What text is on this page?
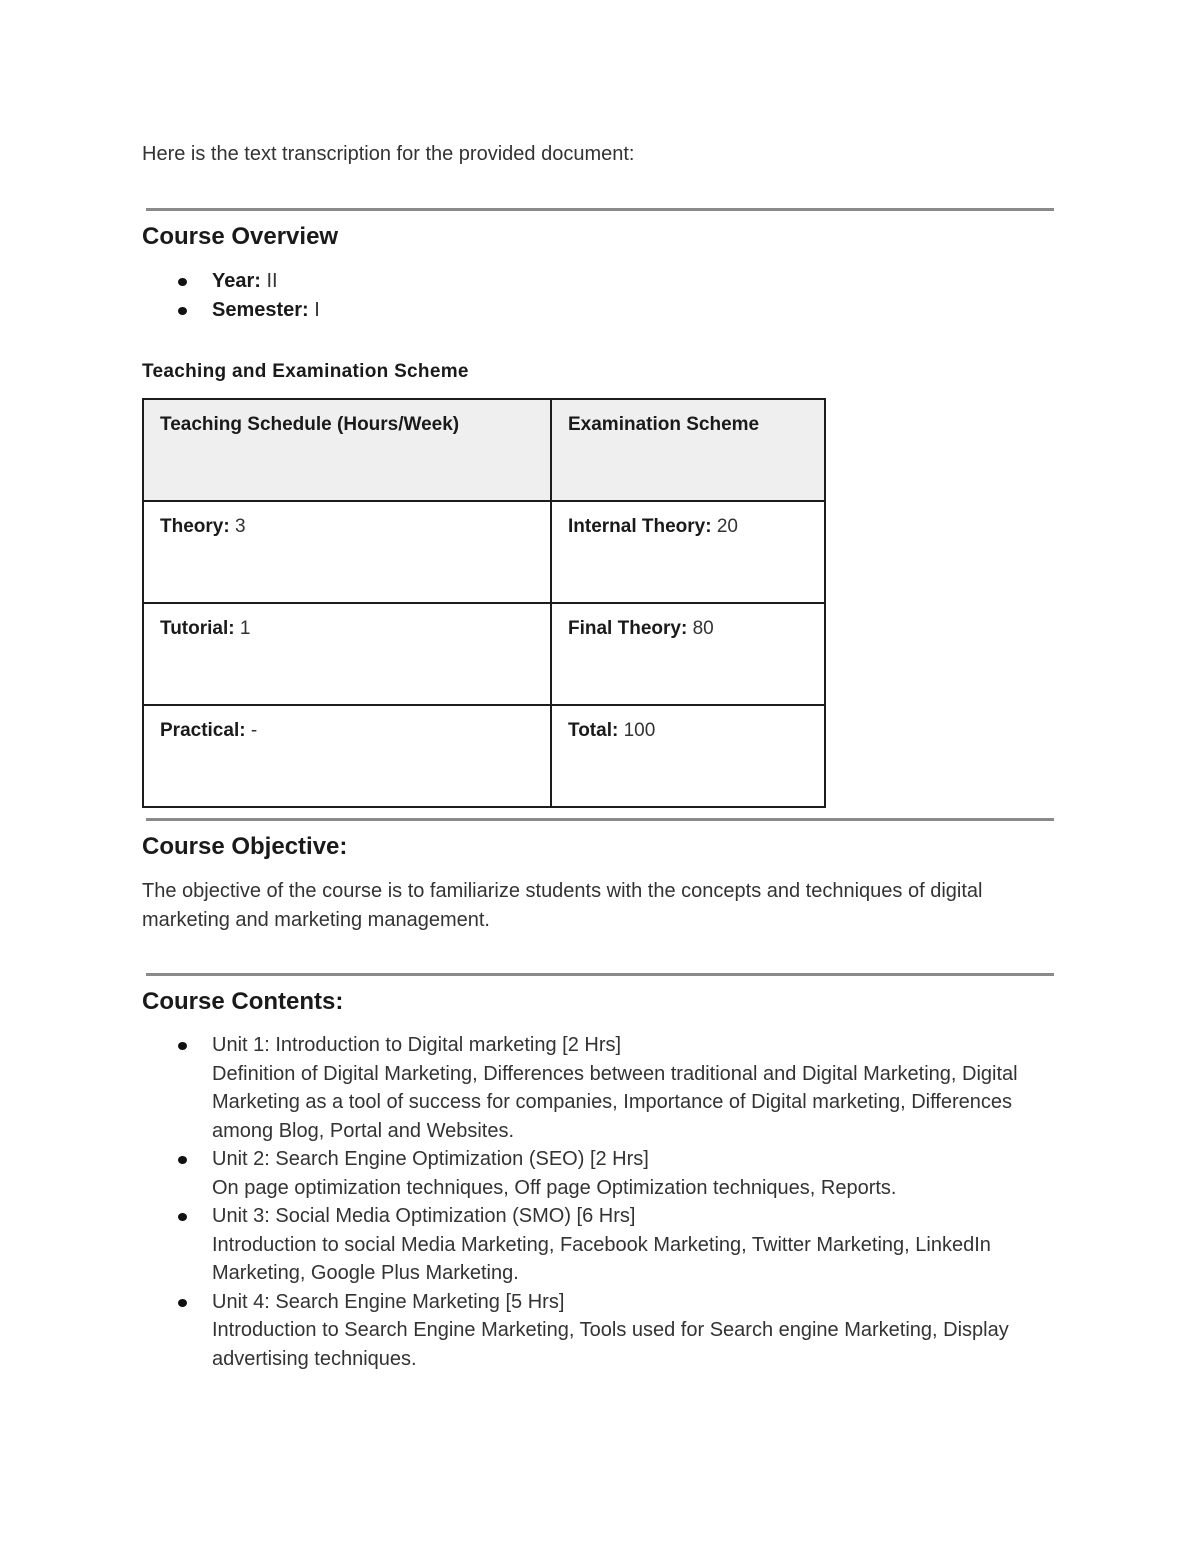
Here is the text transcription for the provided document:

Course Overview
Year: II
Semester: I
Teaching and Examination Scheme
Teaching Schedule (Hours/Week)	Examination Scheme
Theory: 3	Internal Theory: 20
Tutorial: 1	Final Theory: 80
Practical: -	Total: 100
Course Objective:

The objective of the course is to familiarize students with the concepts and techniques of digital marketing and marketing management.

Course Contents:
Unit 1: Introduction to Digital marketing [2 Hrs]
Definition of Digital Marketing, Differences between traditional and Digital Marketing, Digital Marketing as a tool of success for companies, Importance of Digital marketing, Differences among Blog, Portal and Websites.
Unit 2: Search Engine Optimization (SEO) [2 Hrs]
On page optimization techniques, Off page Optimization techniques, Reports.
Unit 3: Social Media Optimization (SMO) [6 Hrs]
Introduction to social Media Marketing, Facebook Marketing, Twitter Marketing, LinkedIn Marketing, Google Plus Marketing.
Unit 4: Search Engine Marketing [5 Hrs]
Introduction to Search Engine Marketing, Tools used for Search engine Marketing, Display advertising techniques.
